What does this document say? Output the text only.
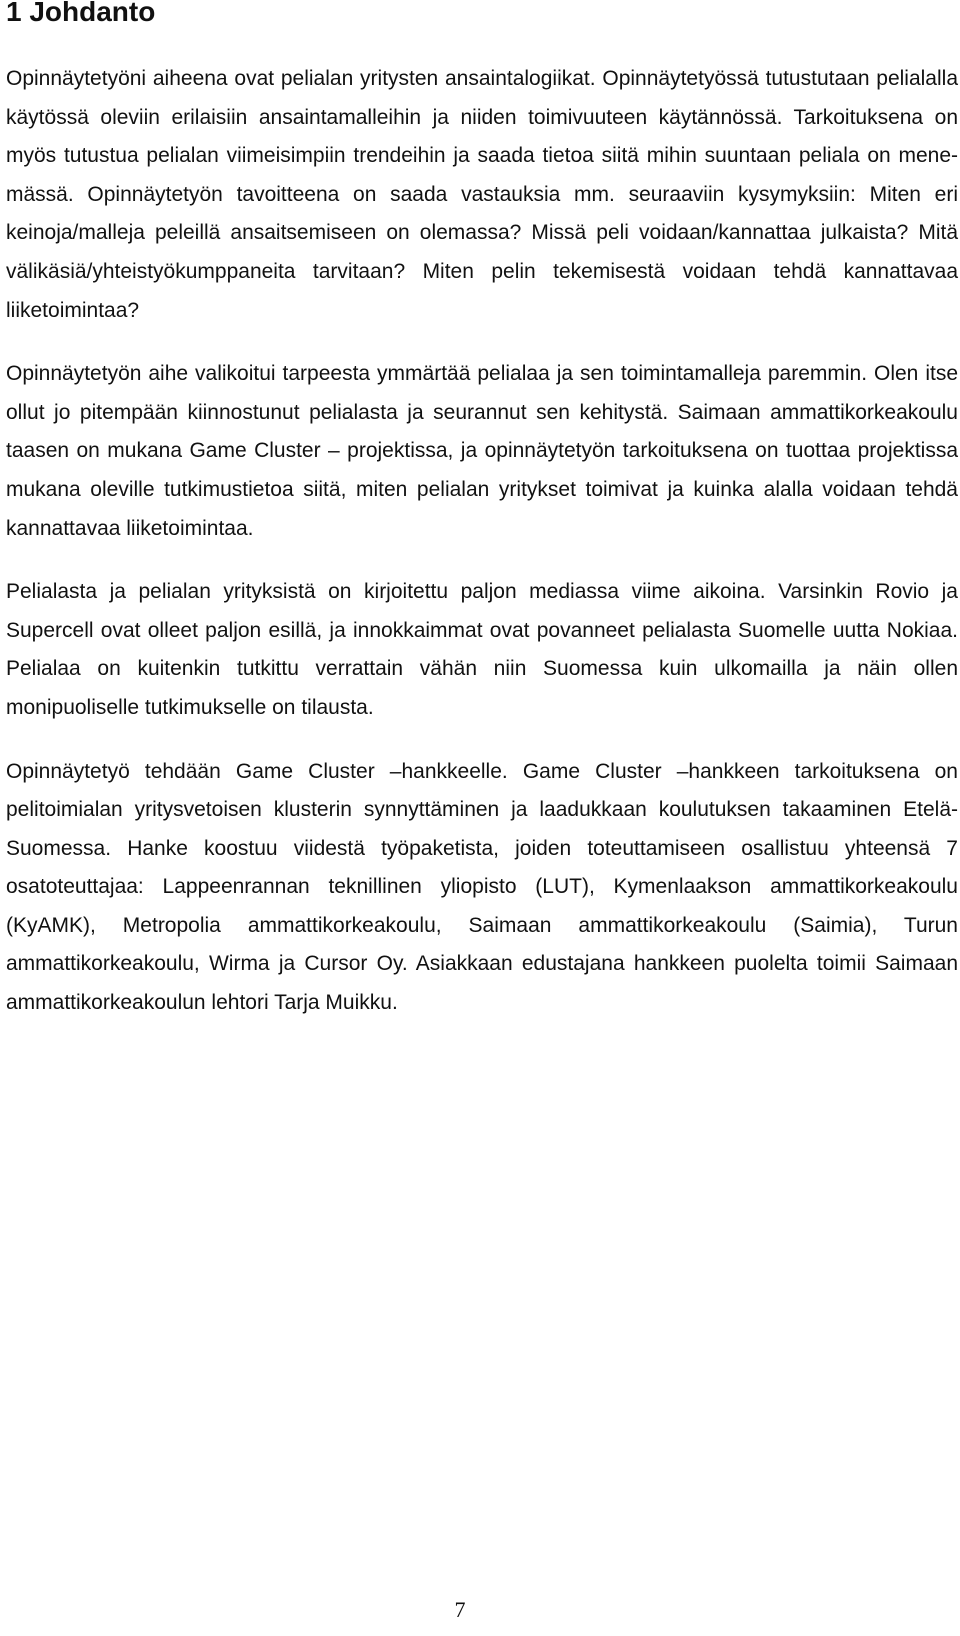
1 Johdanto

Opinnäytetyöni aiheena ovat pelialan yritysten ansaintalogiikat. Opinnäytetyössä tutustutaan pelialalla käytössä oleviin erilaisiin ansaintamalleihin ja niiden toimivuuteen käytännössä. Tarkoituksena on myös tutustua pelialan viimeisimpiin trendeihin ja saada tietoa siitä mihin suuntaan peliala on menemässä. Opinnäytetyön tavoitteena on saada vastauksia mm. seuraaviin kysymyksiin: Miten eri keinoja/malleja peleillä ansaitsemiseen on olemassa? Missä peli voidaan/kannattaa julkaista? Mitä välikäsiä/yhteistyökumppaneita tarvitaan? Miten pelin tekemisestä voidaan tehdä kannattavaa liiketoimintaa?

Opinnäytetyön aihe valikoitui tarpeesta ymmärtää pelialaa ja sen toimintamalleja paremmin. Olen itse ollut jo pitempään kiinnostunut pelialasta ja seurannut sen kehitystä. Saimaan ammattikorkeakoulu taasen on mukana Game Cluster – projektissa, ja opinnäytetyön tarkoituksena on tuottaa projektissa mukana oleville tutkimustietoa siitä, miten pelialan yritykset toimivat ja kuinka alalla voidaan tehdä kannattavaa liiketoimintaa.

Pelialasta ja pelialan yrityksistä on kirjoitettu paljon mediassa viime aikoina. Varsinkin Rovio ja Supercell ovat olleet paljon esillä, ja innokkaimmat ovat povanneet pelialasta Suomelle uutta Nokiaa. Pelialaa on kuitenkin tutkittu verrattain vähän niin Suomessa kuin ulkomailla ja näin ollen monipuoliselle tutkimukselle on tilausta.

Opinnäytetyö tehdään Game Cluster –hankkeelle. Game Cluster –hankkeen tarkoituksena on pelitoimialan yritysvetoisen klusterin synnyttäminen ja laadukkaan koulutuksen takaaminen Etelä-Suomessa. Hanke koostuu viidestä työpaketista, joiden toteuttamiseen osallistuu yhteensä 7 osatoteuttajaa: Lappeenrannan teknillinen yliopisto (LUT), Kymenlaakson ammattikorkeakoulu (KyAMK), Metropolia ammattikorkeakoulu, Saimaan ammattikorkeakoulu (Saimia), Turun ammattikorkeakoulu, Wirma ja Cursor Oy. Asiakkaan edustajana hankkeen puolelta toimii Saimaan ammattikorkeakoulun lehtori Tarja Muikku.

7
